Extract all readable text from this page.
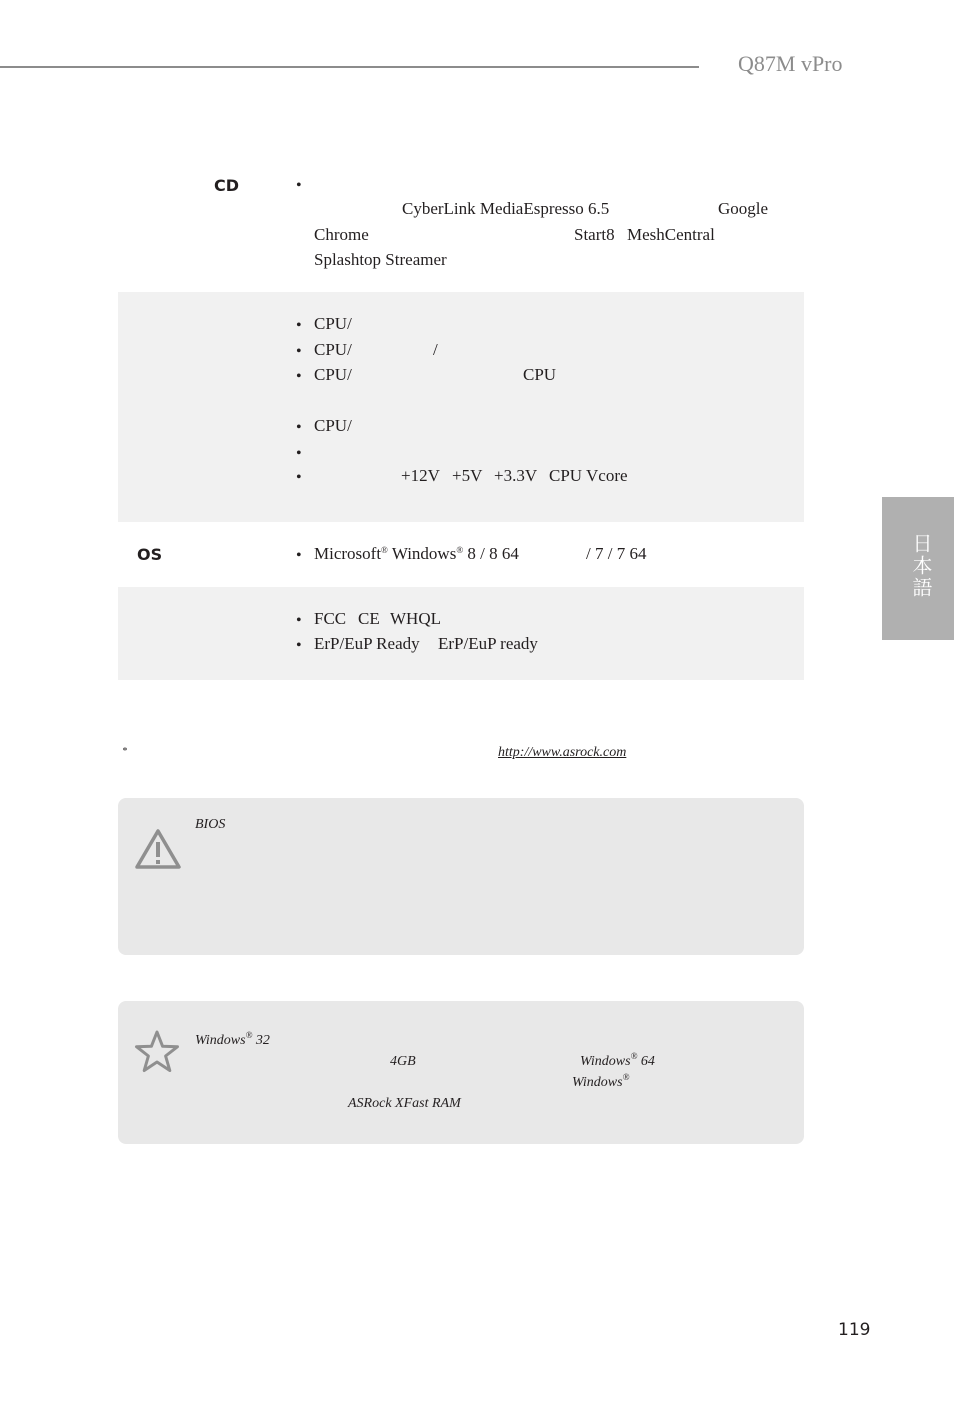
Q87M vPro
日本語
CD	•
CyberLink MediaEspresso 6.5	Google
Chrome	Start8 MeshCentral
Splashtop Streamer
• CPU/
• CPU/	/
• CPU/	CPU
• CPU/
•
•	+12V +5V +3.3V CPU Vcore
OS	• Microsoft® Windows® 8 / 8 64	/ 7 / 7 64
• FCC CE WHQL
• ErP/EuP Ready ErP/EuP ready
*	http://www.asrock.com
BIOS
Windows® 32
4GB	Windows® 64
Windows®
ASRock XFast RAM
119
